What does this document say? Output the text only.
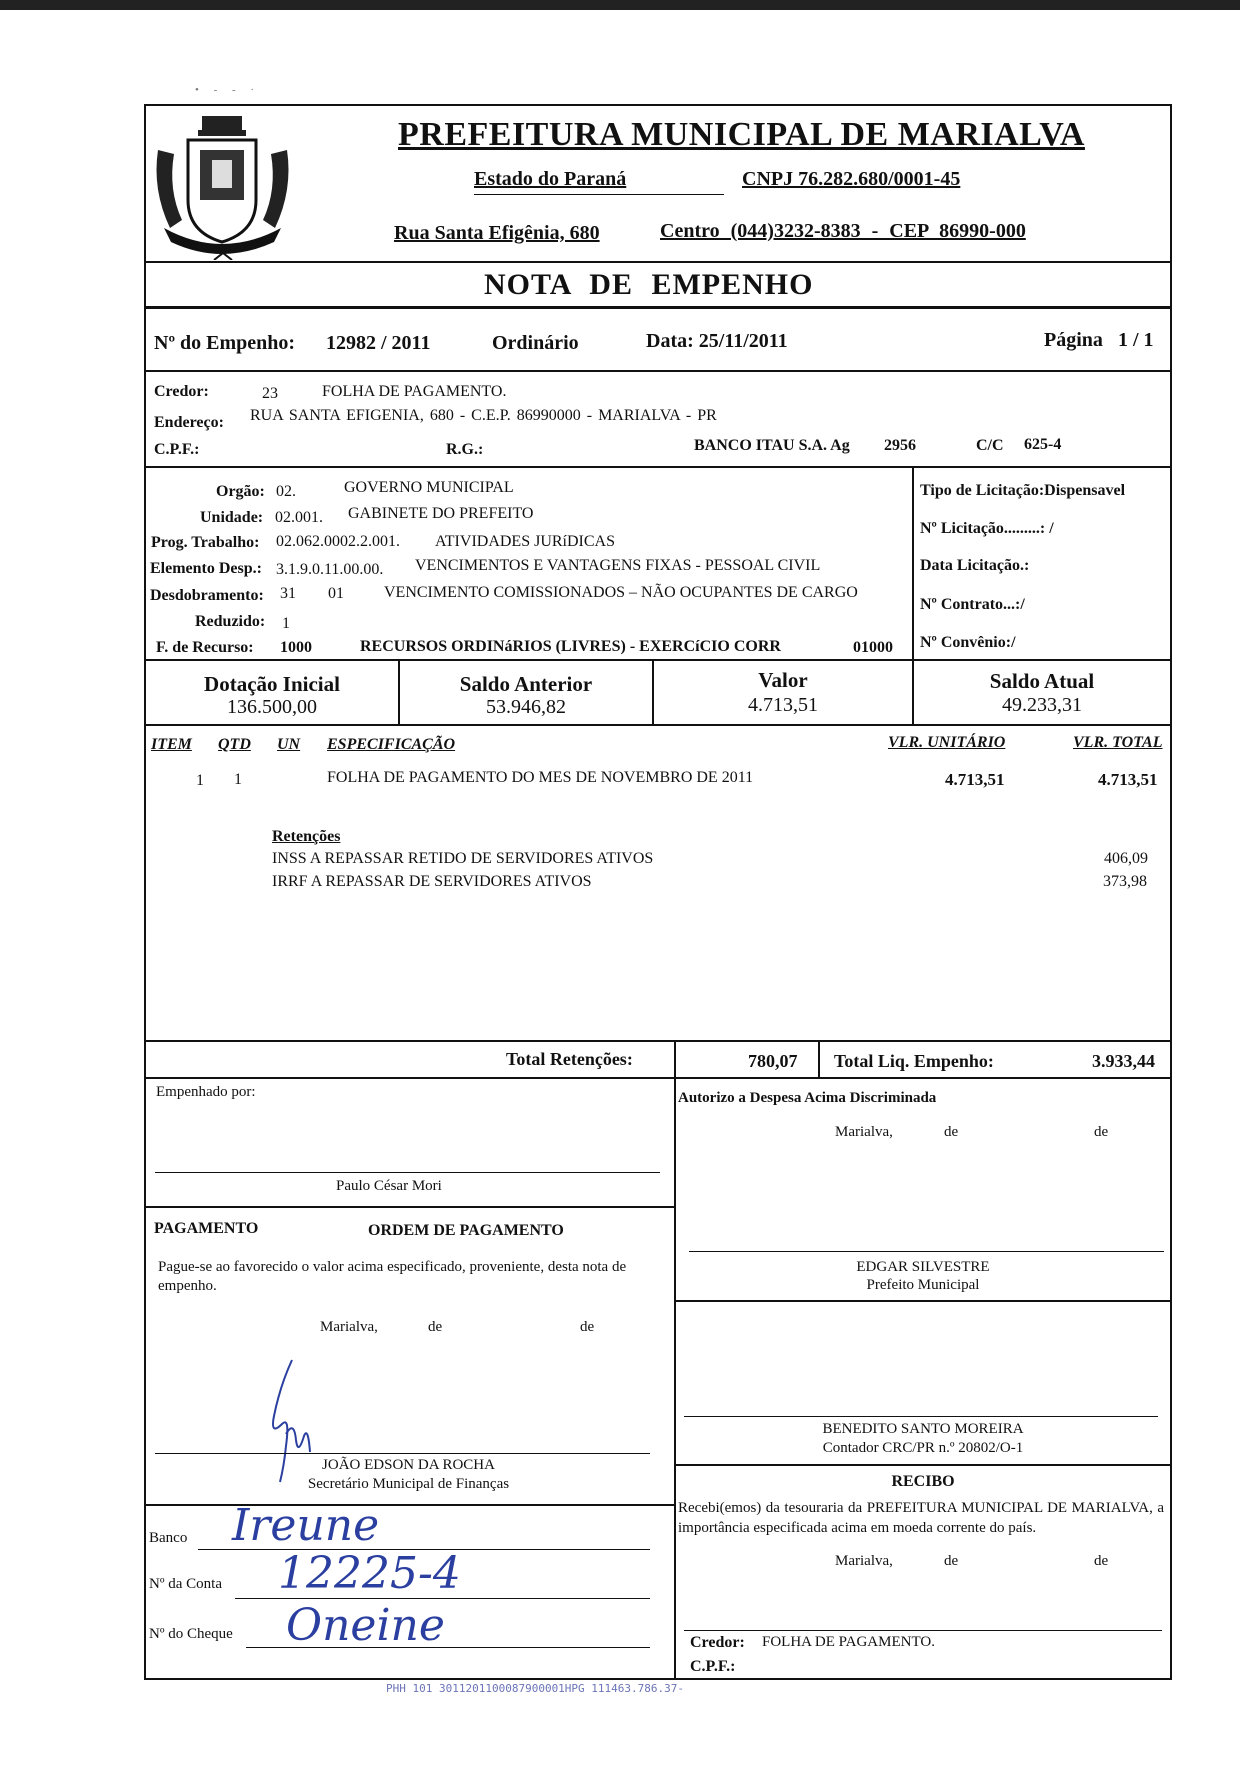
• - - ·
PREFEITURA MUNICIPAL DE MARIALVA
Estado do Paraná	CNPJ 76.282.680/0001-45
Rua Santa Efigênia, 680	Centro (044)3232-8383 - CEP 86990-000
NOTA DE EMPENHO
Nº do Empenho: 12982 / 2011	Ordinário	Data: 25/11/2011	Página 1 / 1
Credor:	23	FOLHA DE PAGAMENTO.
Endereço: RUA SANTA EFIGENIA, 680 - C.E.P. 86990000 - MARIALVA - PR
C.P.F.:	R.G.:	BANCO ITAU S.A. Ag 2956	C/C 625-4
Orgão: 02.	GOVERNO MUNICIPAL
Unidade: 02.001. GABINETE DO PREFEITO
Prog. Trabalho: 02.062.0002.2.001. ATIVIDADES JURíDICAS
Elemento Desp.: 3.1.9.0.11.00.00. VENCIMENTOS E VANTAGENS FIXAS - PESSOAL CIVIL
Desdobramento: 31 01	VENCIMENTO COMISSIONADOS – NÃO OCUPANTES DE CARGO
Reduzido: 1
F. de Recurso: 1000	RECURSOS ORDINáRIOS (LIVRES) - EXERCíCIO CORR	01000
Tipo de Licitação:Dispensavel
Nº Licitação.........: /
Data Licitação.:
Nº Contrato...:/
Nº Convênio:/
Dotação Inicial
136.500,00
Saldo Anterior
53.946,82
Valor
4.713,51
Saldo Atual
49.233,31
ITEM QTD UN ESPECIFICAÇÃO	VLR. UNITÁRIO	VLR. TOTAL
1 1	FOLHA DE PAGAMENTO DO MES DE NOVEMBRO DE 2011	4.713,51	4.713,51
Retenções
INSS A REPASSAR RETIDO DE SERVIDORES ATIVOS	406,09
IRRF A REPASSAR DE SERVIDORES ATIVOS	373,98
Total Retenções:	780,07 Total Liq. Empenho:	3.933,44
Empenhado por:
Paulo César Mori
PAGAMENTO	ORDEM DE PAGAMENTO
Pague-se ao favorecido o valor acima especificado, proveniente, desta nota de empenho.
Marialva,	de	de
JOÃO EDSON DA ROCHA
Secretário Municipal de Finanças
Banco Ireune
Nº da Conta 12225-4
Nº do Cheque Oneine
Autorizo a Despesa Acima Discriminada
Marialva,	de	de
EDGAR SILVESTRE
Prefeito Municipal
BENEDITO SANTO MOREIRA
Contador CRC/PR n.º 20802/O-1
RECIBO
Recebi(emos) da tesouraria da PREFEITURA MUNICIPAL DE MARIALVA, a importância especificada acima em moeda corrente do país.
Marialva,	de	de
Credor: FOLHA DE PAGAMENTO.
C.P.F.:
PHH 101 3011201100087900001HPG 111463.786.37-
